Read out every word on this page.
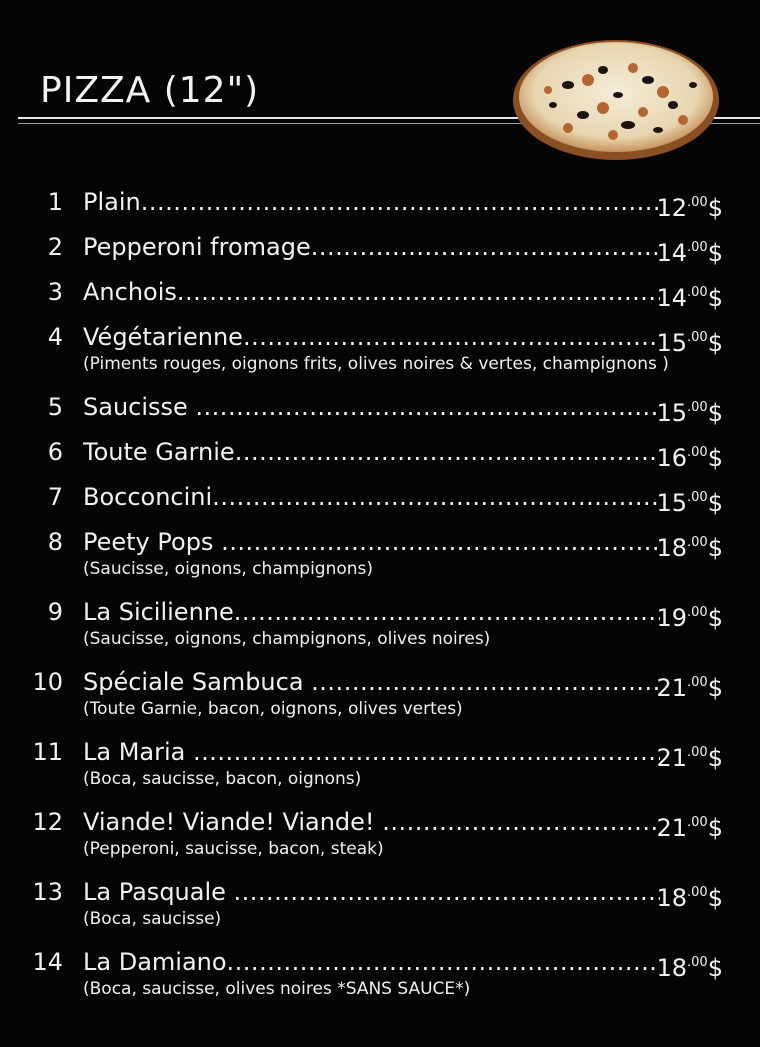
PIZZA (12")
1 Plain .....	$12^{.00}\$$
2 Pepperoni fromage .....	$14^{.00}\$$
3 Anchois .....	$14^{.00}\$$
4 Végétarienne .....	$15^{.00}\$$
(Piments rouges, oignons frits, olives noires & vertes, champignons )
5 Saucisse .....	$15^{.00}\$$
6 Toute Garnie .....	$16^{.00}\$$
7 Bocconcini .....	$15^{.00}\$$
8 Peety Pops .....	$18^{.00}\$$
(Saucisse, oignons, champignons)
9 La Sicilienne .....	$19^{.00}\$$
(Saucisse, oignons, champignons, olives noires)
10 Spéciale Sambuca .....	$21^{.00}\$$
(Toute Garnie, bacon, oignons, olives vertes)
11 La Maria .....	$21^{.00}\$$
(Boca, saucisse, bacon, oignons)
12 Viande! Viande! Viande! .....	$21^{.00}\$$
(Pepperoni, saucisse, bacon, steak)
13 La Pasquale .....	$18^{.00}\$$
(Boca, saucisse)
14 La Damiano .....	$18^{.00}\$$
(Boca, saucisse, olives noires *SANS SAUCE*)
